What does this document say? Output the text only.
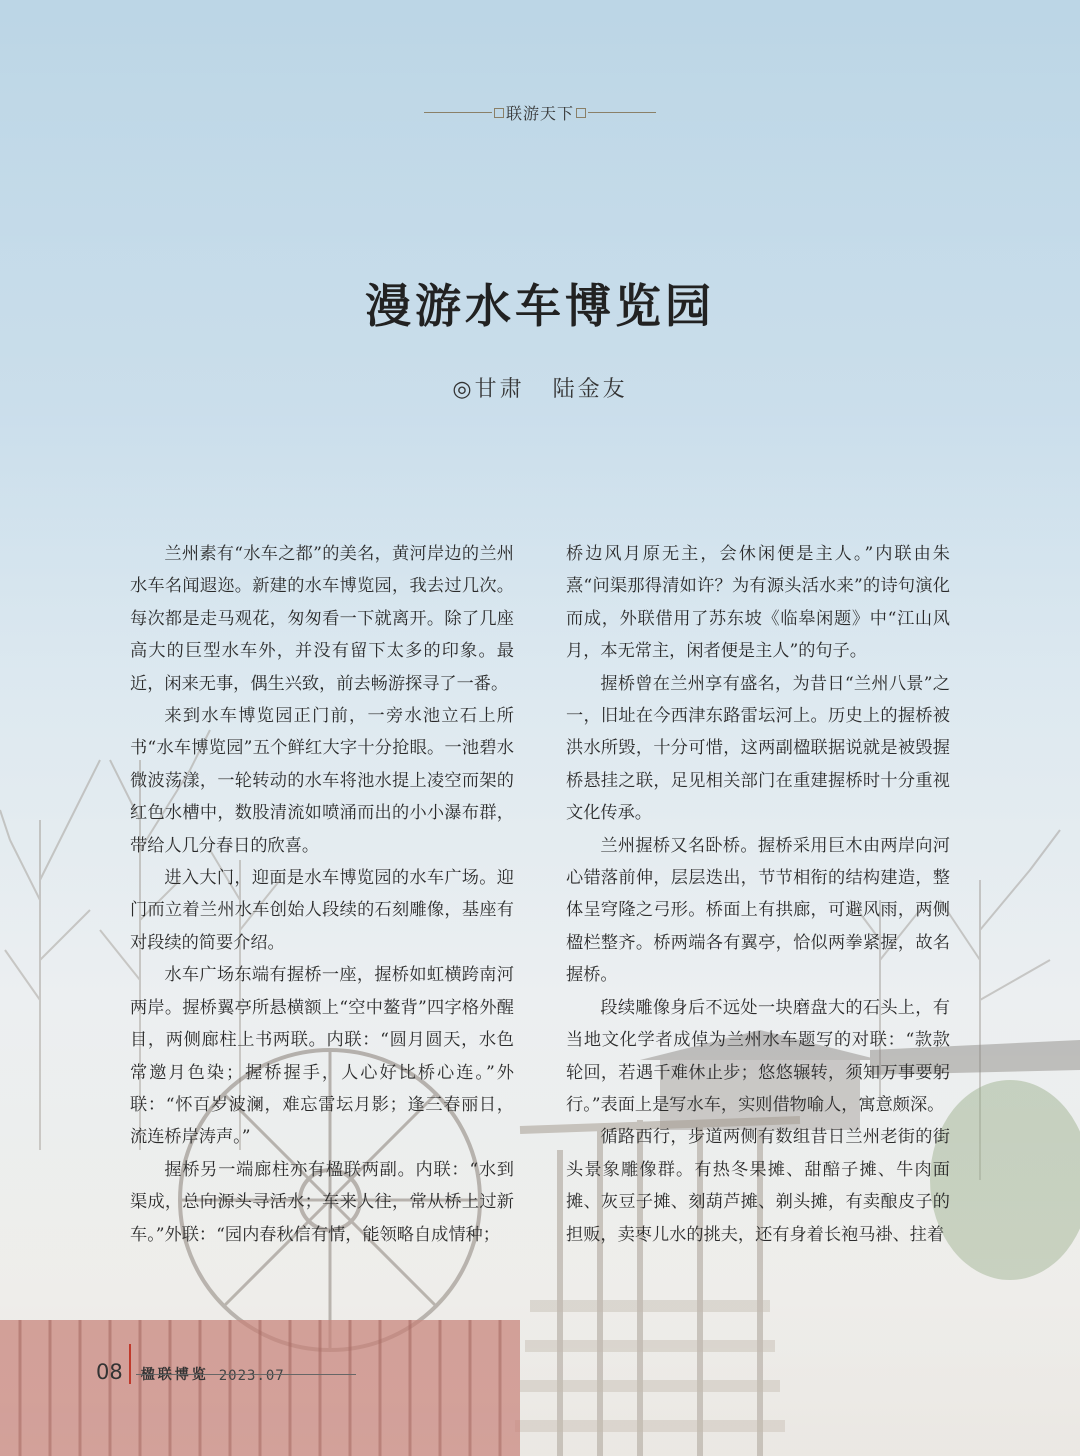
联游天下
漫游水车博览园
◎甘肃 陆金友

兰州素有“水车之都”的美名，黄河岸边的兰州水车名闻遐迩。新建的水车博览园，我去过几次。每次都是走马观花，匆匆看一下就离开。除了几座高大的巨型水车外，并没有留下太多的印象。最近，闲来无事，偶生兴致，前去畅游探寻了一番。

来到水车博览园正门前，一旁水池立石上所书“水车博览园”五个鲜红大字十分抢眼。一池碧水微波荡漾，一轮转动的水车将池水提上凌空而架的红色水槽中，数股清流如喷涌而出的小小瀑布群，带给人几分春日的欣喜。

进入大门，迎面是水车博览园的水车广场。迎门而立着兰州水车创始人段续的石刻雕像，基座有对段续的简要介绍。

水车广场东端有握桥一座，握桥如虹横跨南河两岸。握桥翼亭所悬横额上“空中鳌背”四字格外醒目，两侧廊柱上书两联。内联：“圆月圆天，水色常邀月色染；握桥握手，人心好比桥心连。”外联：“怀百岁波澜，难忘雷坛月影；逢三春丽日，流连桥岸涛声。”

握桥另一端廊柱亦有楹联两副。内联：“水到渠成，总向源头寻活水；车来人往，常从桥上过新车。”外联：“园内春秋信有情，能领略自成情种；

桥边风月原无主，会休闲便是主人。”内联由朱熹“问渠那得清如许？为有源头活水来”的诗句演化而成，外联借用了苏东坡《临皋闲题》中“江山风月，本无常主，闲者便是主人”的句子。

握桥曾在兰州享有盛名，为昔日“兰州八景”之一，旧址在今西津东路雷坛河上。历史上的握桥被洪水所毁，十分可惜，这两副楹联据说就是被毁握桥悬挂之联，足见相关部门在重建握桥时十分重视文化传承。

兰州握桥又名卧桥。握桥采用巨木由两岸向河心错落前伸，层层迭出，节节相衔的结构建造，整体呈穹隆之弓形。桥面上有拱廊，可避风雨，两侧楹栏整齐。桥两端各有翼亭，恰似两拳紧握，故名握桥。

段续雕像身后不远处一块磨盘大的石头上，有当地文化学者成倬为兰州水车题写的对联：“款款轮回，若遇千难休止步；悠悠辗转，须知万事要躬行。”表面上是写水车，实则借物喻人，寓意颇深。

循路西行，步道两侧有数组昔日兰州老街的街头景象雕像群。有热冬果摊、甜醅子摊、牛肉面摊、灰豆子摊、刻葫芦摊、剃头摊，有卖酿皮子的担贩，卖枣儿水的挑夫，还有身着长袍马褂、拄着

08 楹联博览 2023.07
